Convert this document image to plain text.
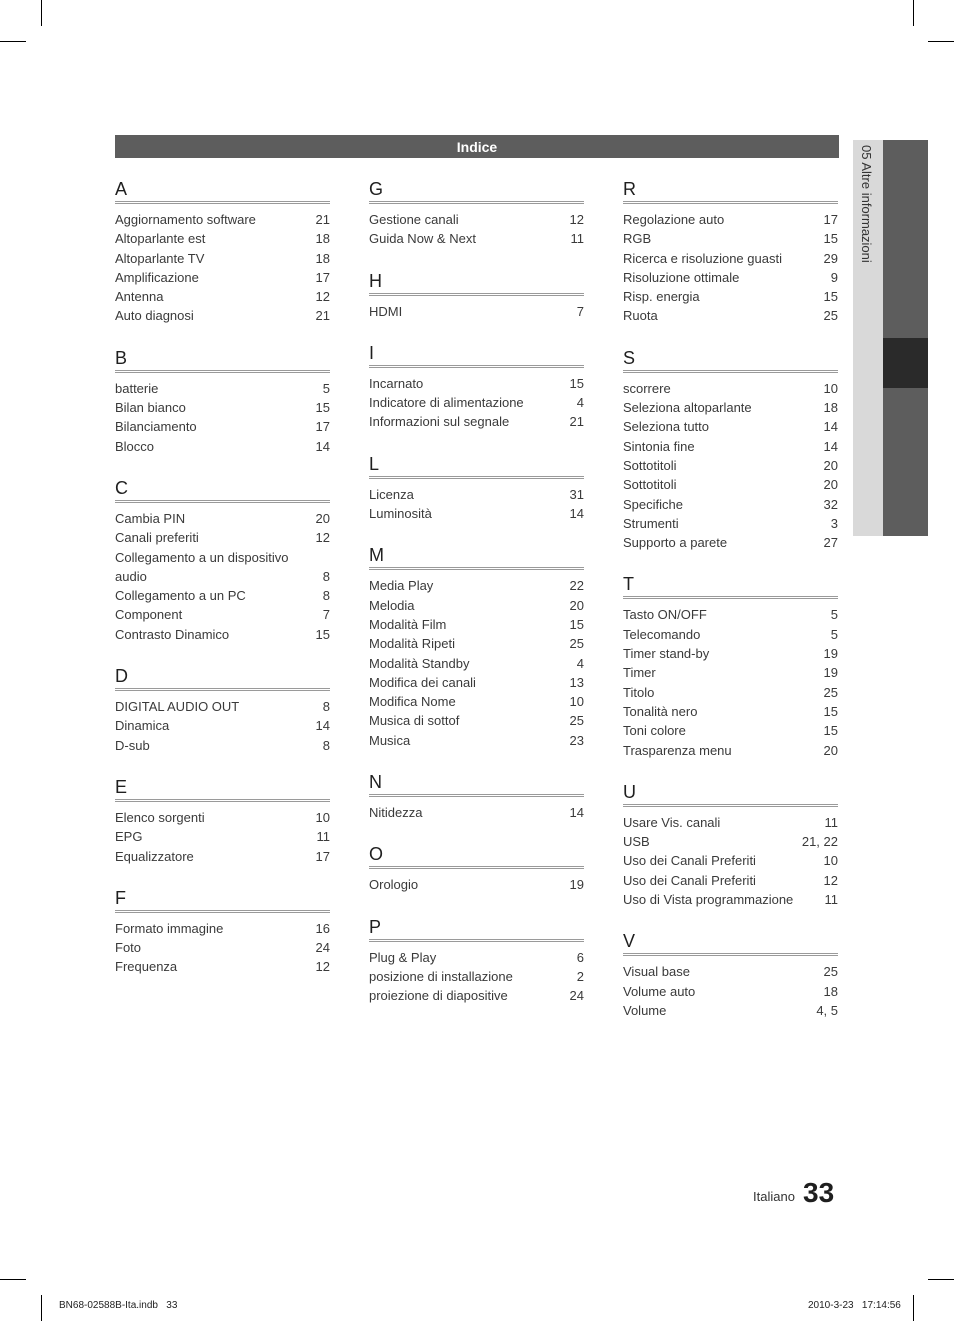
Indice	05 Altre informazioni
A
Aggiornamento software	21
Altoparlante est	18
Altoparlante TV	18
Amplificazione	17
Antenna	12
Auto diagnosi	21
B
batterie	5
Bilan bianco	15
Bilanciamento	17
Blocco	14
C
Cambia PIN	20
Canali preferiti	12
Collegamento a un dispositivo
audio	8
Collegamento a un PC	8
Component	7
Contrasto Dinamico	15
D
DIGITAL AUDIO OUT	8
Dinamica	14
D-sub	8
E
Elenco sorgenti	10
EPG	11
Equalizzatore	17
F
Formato immagine	16
Foto	24
Frequenza	12
G
Gestione canali	12
Guida Now & Next	11
H
HDMI	7
I
Incarnato	15
Indicatore di alimentazione	4
Informazioni sul segnale	21
L
Licenza	31
Luminosità	14
M
Media Play	22
Melodia	20
Modalità Film	15
Modalità Ripeti	25
Modalità Standby	4
Modifica dei canali	13
Modifica Nome	10
Musica di sottof	25
Musica	23
N
Nitidezza	14
O
Orologio	19
P
Plug & Play	6
posizione di installazione	2
proiezione di diapositive	24
R
Regolazione auto	17
RGB	15
Ricerca e risoluzione guasti	29
Risoluzione ottimale	9
Risp. energia	15
Ruota	25
S
scorrere	10
Seleziona altoparlante	18
Seleziona tutto	14
Sintonia fine	14
Sottotitoli	20
Sottotitoli	20
Specifiche	32
Strumenti	3
Supporto a parete	27
T
Tasto ON/OFF	5
Telecomando	5
Timer stand-by	19
Timer	19
Titolo	25
Tonalità nero	15
Toni colore	15
Trasparenza menu	20
U
Usare Vis. canali	11
USB	21, 22
Uso dei Canali Preferiti	10
Uso dei Canali Preferiti	12
Uso di Vista programmazione	11
V
Visual base	25
Volume auto	18
Volume	4, 5
Italiano 33
BN68-02588B-Ita.indb   33	2010-3-23   17:14:56
